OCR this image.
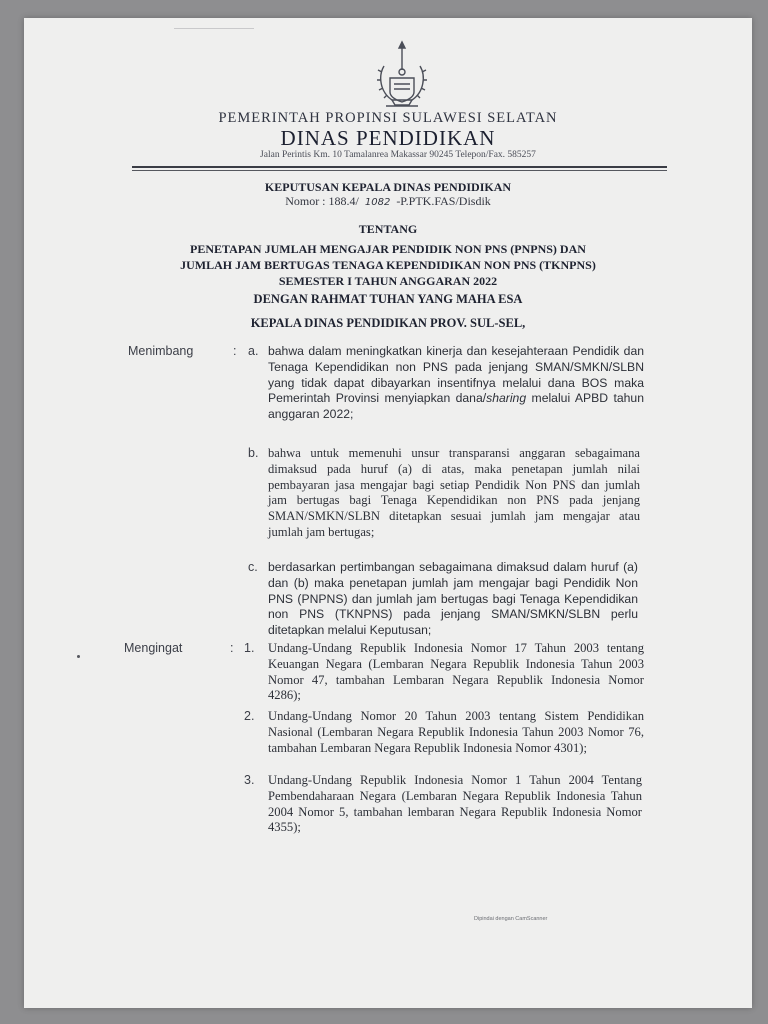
PEMERINTAH PROPINSI SULAWESI SELATAN
DINAS PENDIDIKAN
Jalan Perintis Km. 10 Tamalanrea Makassar 90245 Telepon/Fax. 585257
KEPUTUSAN KEPALA DINAS PENDIDIKAN
Nomor : 188.4/ 1082 -P.PTK.FAS/Disdik
TENTANG
PENETAPAN JUMLAH MENGAJAR PENDIDIK NON PNS (PNPNS) DAN
JUMLAH JAM BERTUGAS TENAGA KEPENDIDIKAN NON PNS (TKNPNS)
SEMESTER I TAHUN ANGGARAN 2022
DENGAN RAHMAT TUHAN YANG MAHA ESA
KEPALA DINAS PENDIDIKAN PROV. SUL-SEL,
Menimbang	: a. bahwa dalam meningkatkan kinerja dan kesejahteraan Pendidik dan Tenaga Kependidikan non PNS pada jenjang SMAN/SMKN/SLBN yang tidak dapat dibayarkan insentifnya melalui dana BOS maka Pemerintah Provinsi menyiapkan dana/sharing melalui APBD tahun anggaran 2022;
b. bahwa untuk memenuhi unsur transparansi anggaran sebagaimana dimaksud pada huruf (a) di atas, maka penetapan jumlah nilai pembayaran jasa mengajar bagi setiap Pendidik Non PNS dan jumlah jam bertugas bagi Tenaga Kependidikan non PNS pada jenjang SMAN/SMKN/SLBN ditetapkan sesuai jumlah jam mengajar atau jumlah jam bertugas;
c. berdasarkan pertimbangan sebagaimana dimaksud dalam huruf (a) dan (b) maka penetapan jumlah jam mengajar bagi Pendidik Non PNS (PNPNS) dan jumlah jam bertugas bagi Tenaga Kependidikan non PNS (TKNPNS) pada jenjang SMAN/SMKN/SLBN perlu ditetapkan melalui Keputusan;
Mengingat	: 1. Undang-Undang Republik Indonesia Nomor 17 Tahun 2003 tentang Keuangan Negara (Lembaran Negara Republik Indonesia Tahun 2003 Nomor 47, tambahan Lembaran Negara Republik Indonesia Nomor 4286);
2. Undang-Undang Nomor 20 Tahun 2003 tentang Sistem Pendidikan Nasional (Lembaran Negara Republik Indonesia Tahun 2003 Nomor 76, tambahan Lembaran Negara Republik Indonesia Nomor 4301);
3. Undang-Undang Republik Indonesia Nomor 1 Tahun 2004 Tentang Pembendaharaan Negara (Lembaran Negara Republik Indonesia Tahun 2004 Nomor 5, tambahan lembaran Negara Republik Indonesia Nomor 4355);
Dipindai dengan CamScanner
